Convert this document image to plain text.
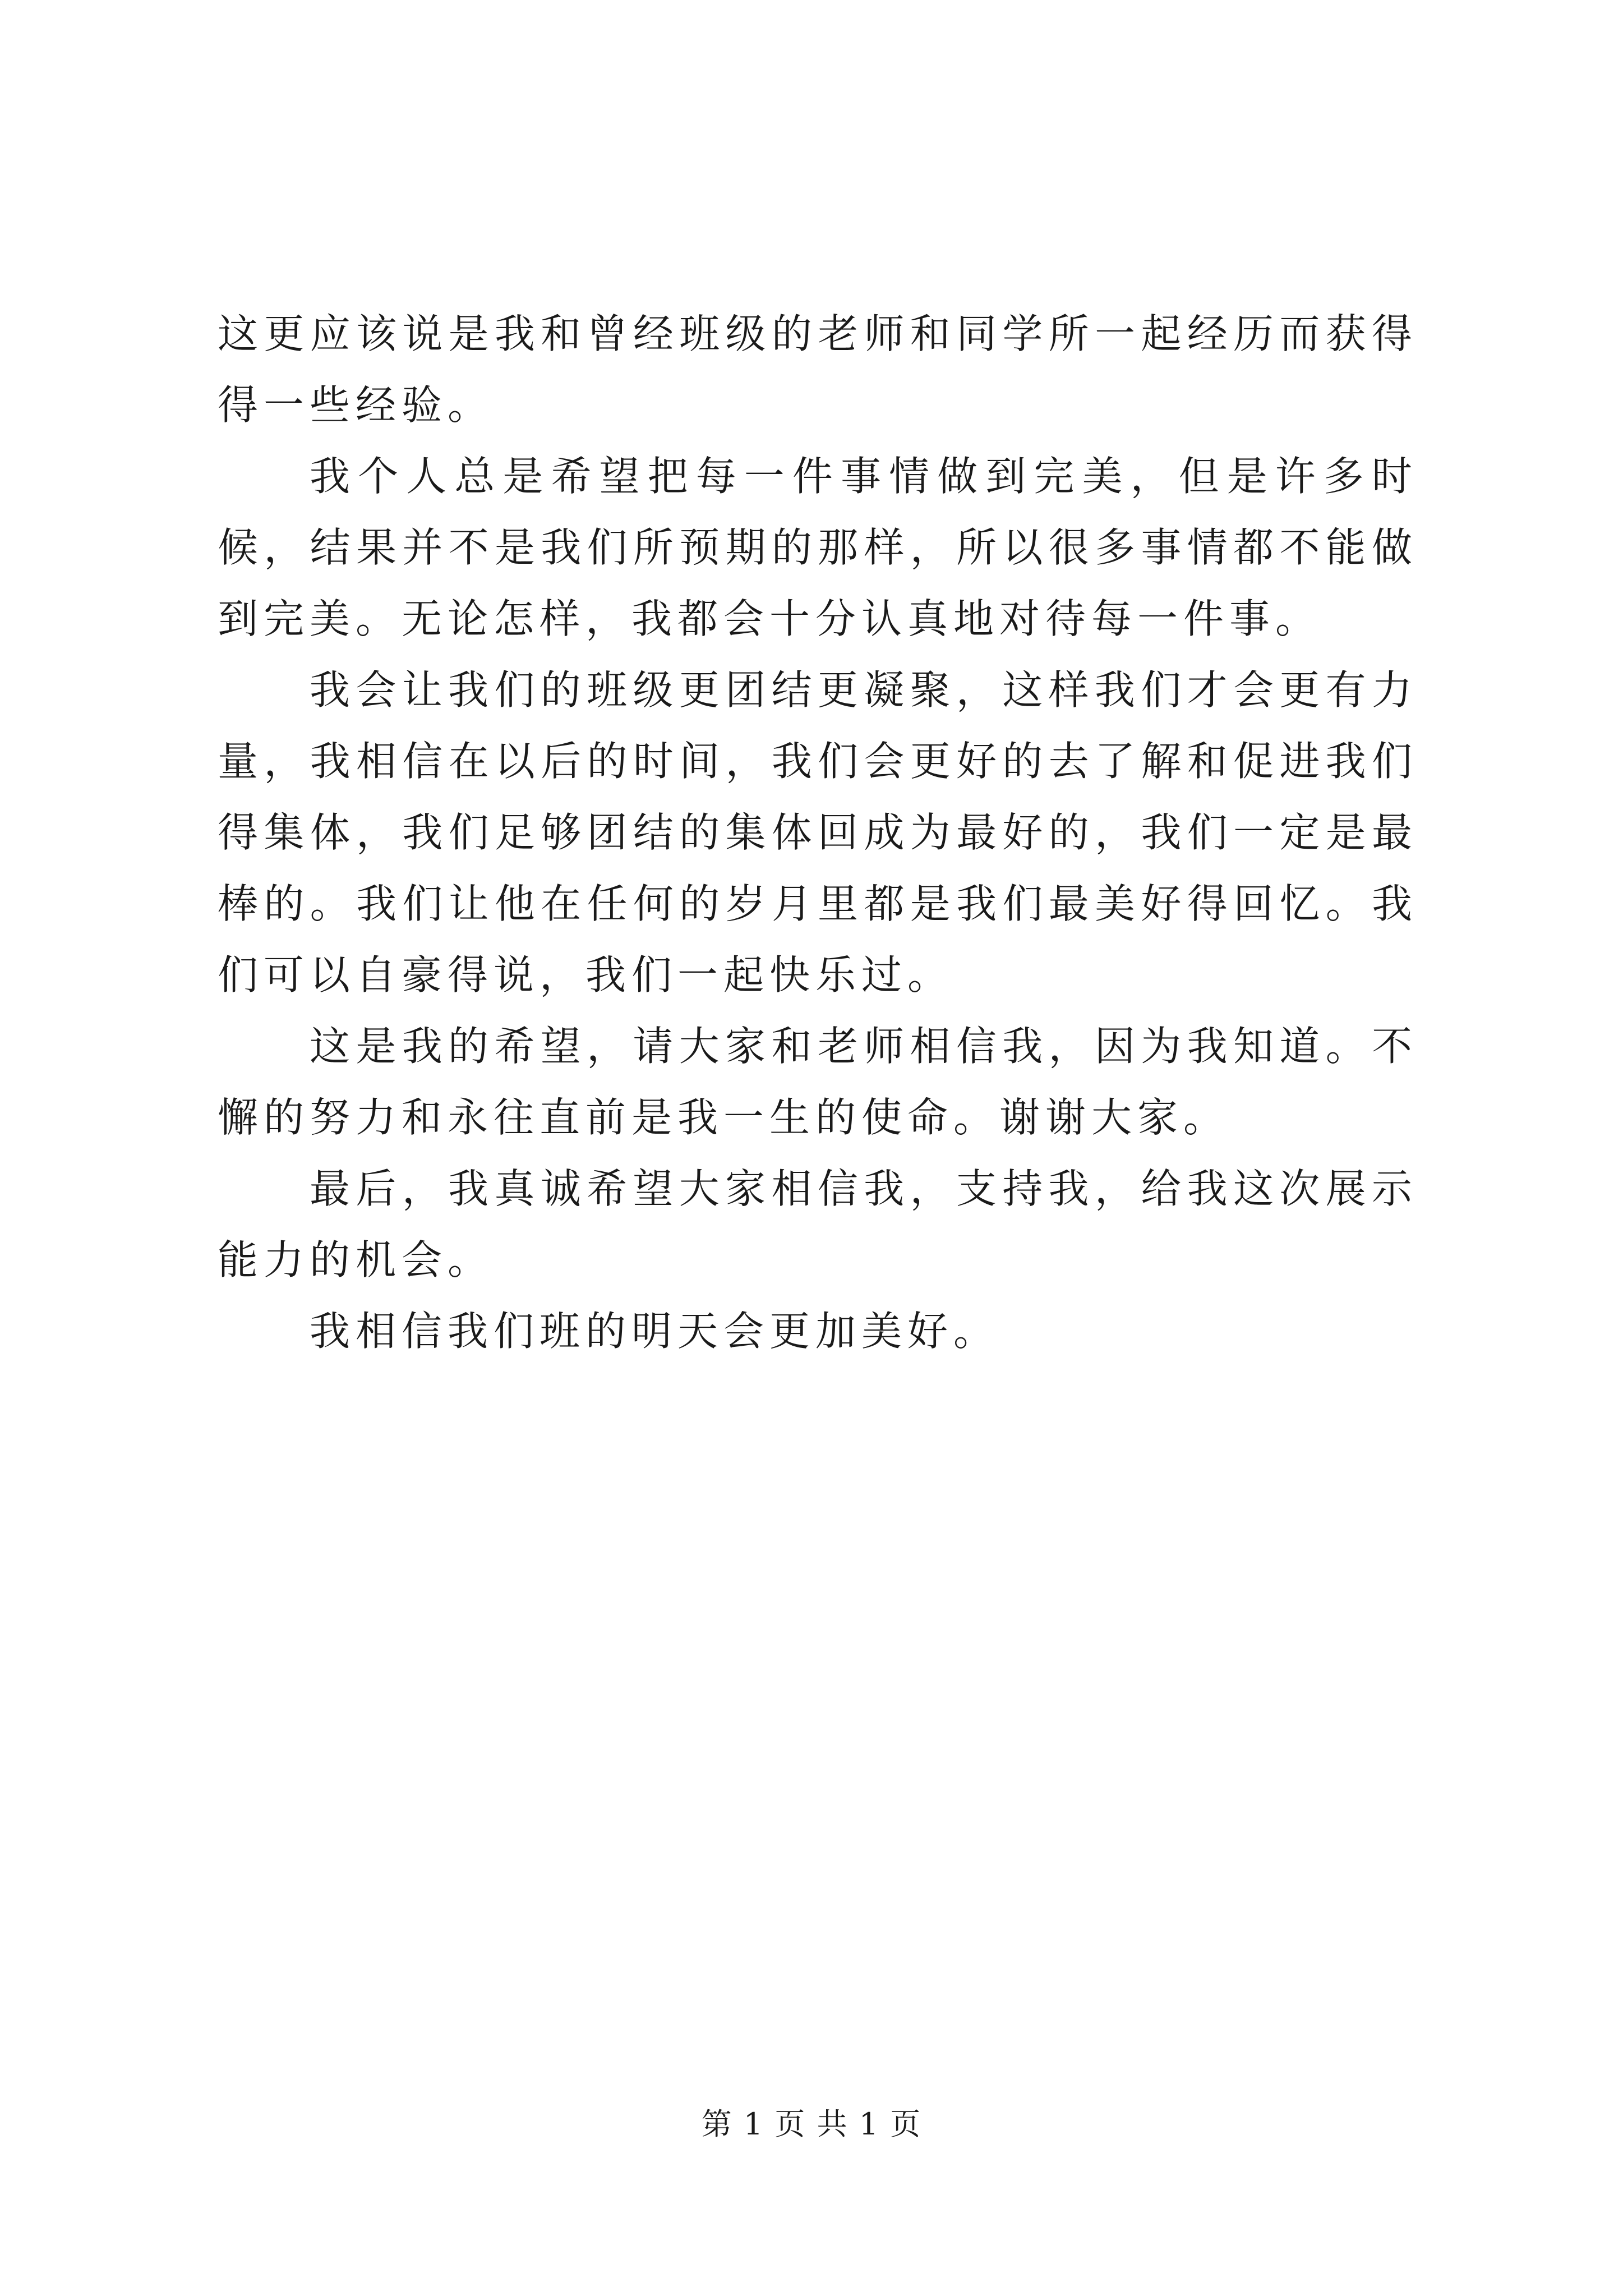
这更应该说是我和曾经班级的老师和同学所一起经历而获得得一些经验。

我个人总是希望把每一件事情做到完美，但是许多时候，结果并不是我们所预期的那样，所以很多事情都不能做到完美。无论怎样，我都会十分认真地对待每一件事。

我会让我们的班级更团结更凝聚，这样我们才会更有力量，我相信在以后的时间，我们会更好的去了解和促进我们得集体，我们足够团结的集体回成为最好的，我们一定是最棒的。我们让他在任何的岁月里都是我们最美好得回忆。我们可以自豪得说，我们一起快乐过。

这是我的希望，请大家和老师相信我，因为我知道。不懈的努力和永往直前是我一生的使命。谢谢大家。

最后，我真诚希望大家相信我，支持我，给我这次展示能力的机会。

我相信我们班的明天会更加美好。

第 1 页 共 1 页
